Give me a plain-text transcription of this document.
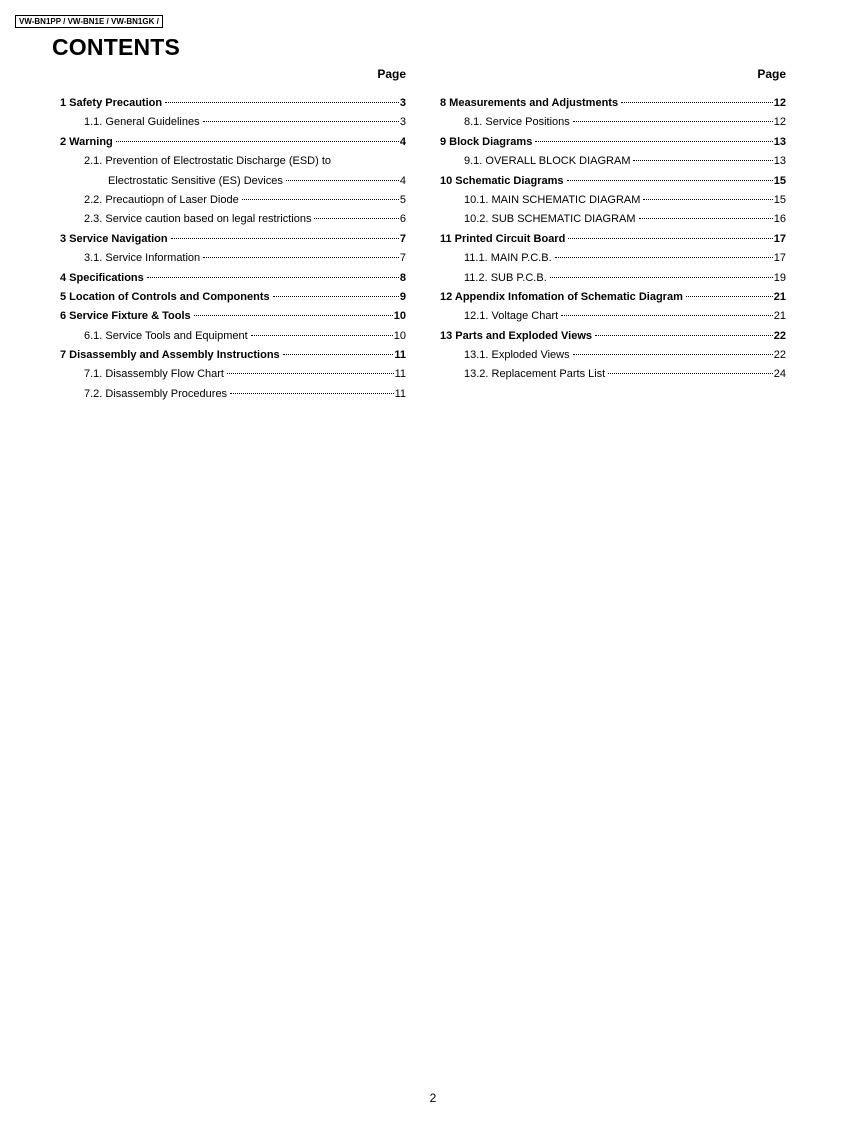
VW-BN1PP / VW-BN1E / VW-BN1GK /
CONTENTS
Page
1 Safety Precaution	3
1.1. General Guidelines	3
2 Warning	4
2.1. Prevention of Electrostatic Discharge (ESD) to
Electrostatic Sensitive (ES) Devices	4
2.2. Precautiopn of Laser Diode	5
2.3. Service caution based on legal restrictions	6
3 Service Navigation	7
3.1. Service Information	7
4 Specifications	8
5 Location of Controls and Components	9
6 Service Fixture & Tools	10
6.1. Service Tools and Equipment	10
7 Disassembly and Assembly Instructions	11
7.1. Disassembly Flow Chart	11
7.2. Disassembly Procedures	11
Page
8 Measurements and Adjustments	12
8.1. Service Positions	12
9 Block Diagrams	13
9.1. OVERALL BLOCK DIAGRAM	13
10 Schematic Diagrams	15
10.1. MAIN SCHEMATIC DIAGRAM	15
10.2. SUB SCHEMATIC DIAGRAM	16
11 Printed Circuit Board	17
11.1. MAIN P.C.B.	17
11.2. SUB P.C.B.	19
12 Appendix Infomation of Schematic Diagram	21
12.1. Voltage Chart	21
13 Parts and Exploded Views	22
13.1. Exploded Views	22
13.2. Replacement Parts List	24
2
